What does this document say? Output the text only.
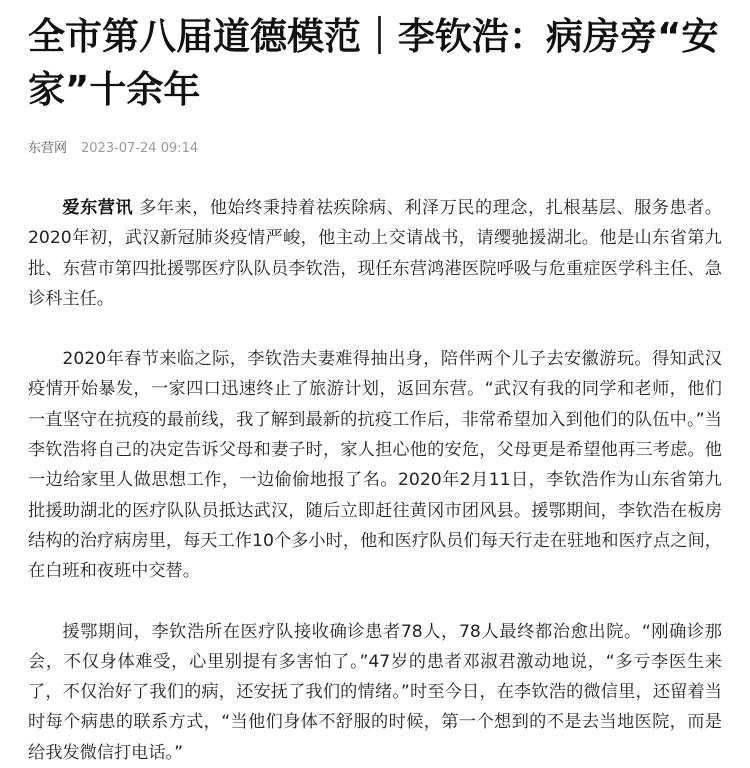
全市第八届道德模范｜李钦浩：病房旁“安家”十余年
东营网 2023-07-24 09:14

爱东营讯 多年来，他始终秉持着祛疾除病、利泽万民的理念，扎根基层、服务患者。2020年初，武汉新冠肺炎疫情严峻，他主动上交请战书，请缨驰援湖北。他是山东省第九批、东营市第四批援鄂医疗队队员李钦浩，现任东营鸿港医院呼吸与危重症医学科主任、急诊科主任。

2020年春节来临之际，李钦浩夫妻难得抽出身，陪伴两个儿子去安徽游玩。得知武汉疫情开始暴发，一家四口迅速终止了旅游计划，返回东营。“武汉有我的同学和老师，他们一直坚守在抗疫的最前线，我了解到最新的抗疫工作后，非常希望加入到他们的队伍中。”当李钦浩将自己的决定告诉父母和妻子时，家人担心他的安危，父母更是希望他再三考虑。他一边给家里人做思想工作，一边偷偷地报了名。2020年2月11日，李钦浩作为山东省第九批援助湖北的医疗队队员抵达武汉，随后立即赶往黄冈市团风县。援鄂期间，李钦浩在板房结构的治疗病房里，每天工作10个多小时，他和医疗队员们每天行走在驻地和医疗点之间，在白班和夜班中交替。

援鄂期间，李钦浩所在医疗队接收确诊患者78人，78人最终都治愈出院。“刚确诊那会，不仅身体难受，心里别提有多害怕了。”47岁的患者邓淑君激动地说，“多亏李医生来了，不仅治好了我们的病，还安抚了我们的情绪。”时至今日，在李钦浩的微信里，还留着当时每个病患的联系方式，“当他们身体不舒服的时候，第一个想到的不是去当地医院，而是给我发微信打电话。”
